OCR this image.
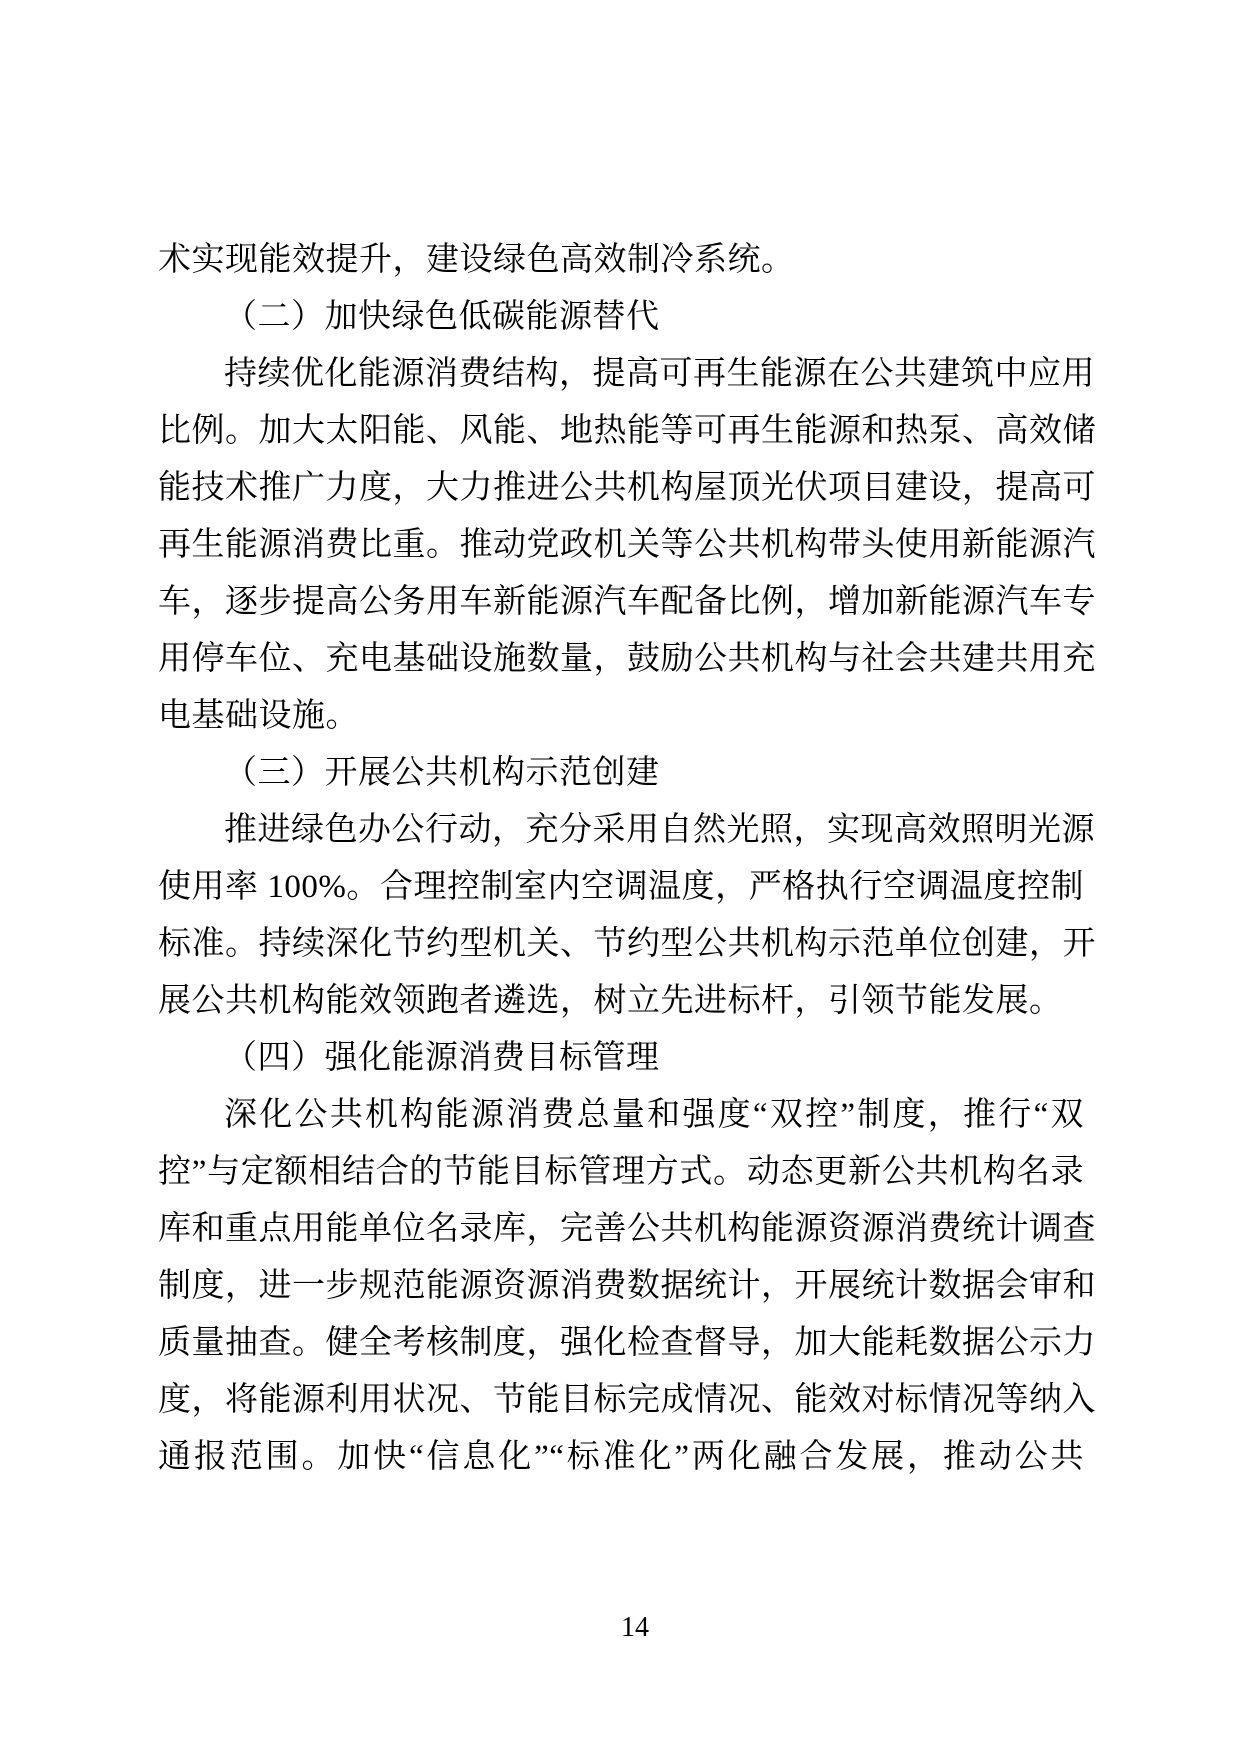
术实现能效提升，建设绿色高效制冷系统。
（二）加快绿色低碳能源替代
持续优化能源消费结构，提高可再生能源在公共建筑中应用
比例。加大太阳能、风能、地热能等可再生能源和热泵、高效储
能技术推广力度，大力推进公共机构屋顶光伏项目建设，提高可
再生能源消费比重。推动党政机关等公共机构带头使用新能源汽
车，逐步提高公务用车新能源汽车配备比例，增加新能源汽车专
用停车位、充电基础设施数量，鼓励公共机构与社会共建共用充
电基础设施。
（三）开展公共机构示范创建
推进绿色办公行动，充分采用自然光照，实现高效照明光源
使用率 100%。合理控制室内空调温度，严格执行空调温度控制
标准。持续深化节约型机关、节约型公共机构示范单位创建，开
展公共机构能效领跑者遴选，树立先进标杆，引领节能发展。
（四）强化能源消费目标管理
深化公共机构能源消费总量和强度“双控”制度，推行“双
控”与定额相结合的节能目标管理方式。动态更新公共机构名录
库和重点用能单位名录库，完善公共机构能源资源消费统计调查
制度，进一步规范能源资源消费数据统计，开展统计数据会审和
质量抽查。健全考核制度，强化检查督导，加大能耗数据公示力
度，将能源利用状况、节能目标完成情况、能效对标情况等纳入
通报范围。加快“信息化”“标准化”两化融合发展，推动公共
14
